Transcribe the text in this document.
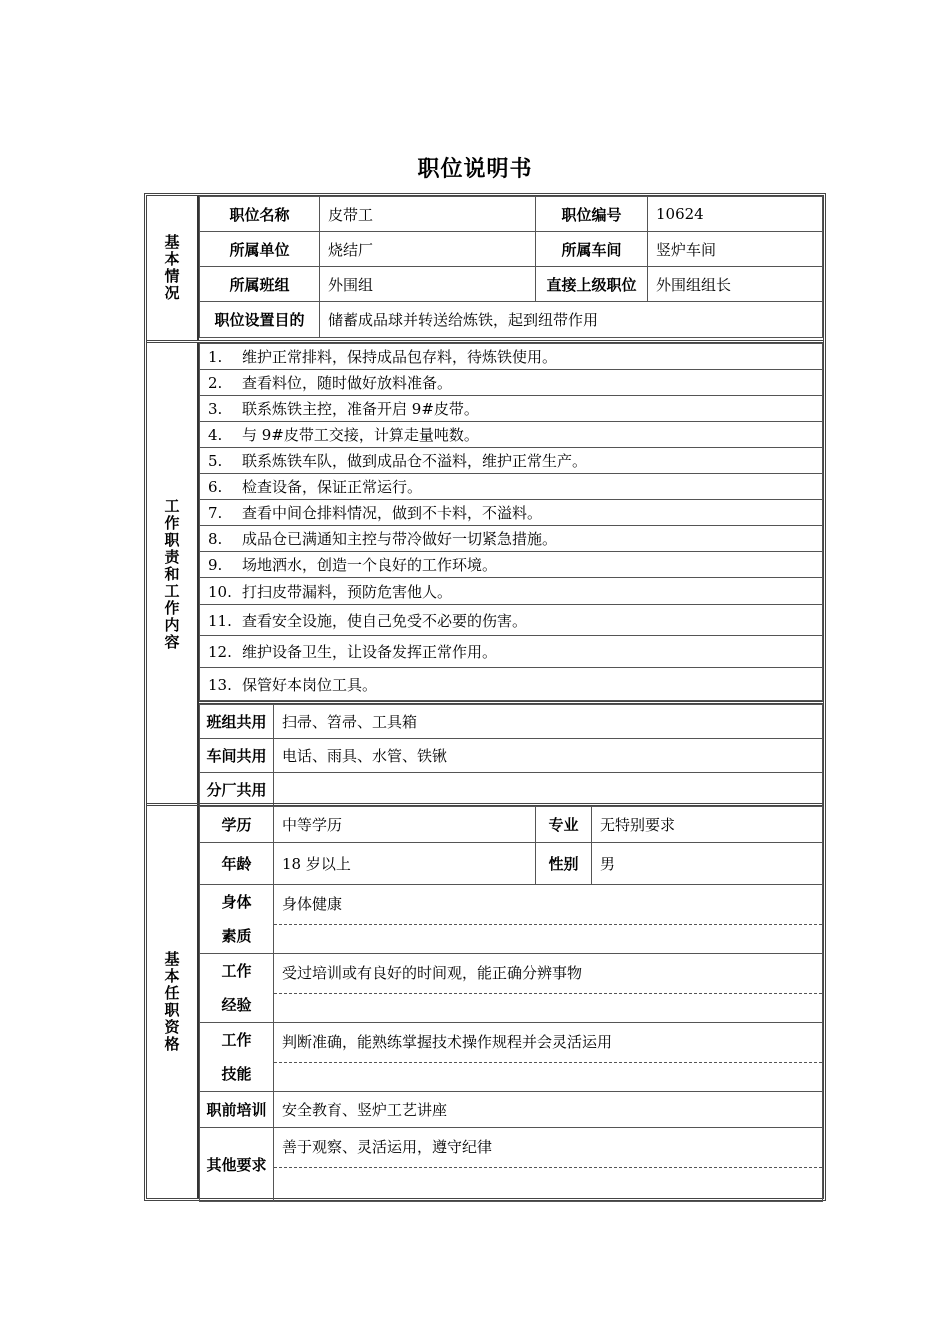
职位说明书
基本情况
职位名称	皮带工	职位编号	10624
所属单位	烧结厂	所属车间	竖炉车间
所属班组	外围组	直接上级职位	外围组组长
职位设置目的	储蓄成品球并转送给炼铁，起到纽带作用		
工作职责和工作内容
1. 维护正常排料，保持成品包存料，待炼铁使用。
2. 查看料位，随时做好放料准备。
3. 联系炼铁主控，准备开启 9#皮带。
4. 与 9#皮带工交接，计算走量吨数。
5. 联系炼铁车队，做到成品仓不溢料，维护正常生产。
6. 检查设备，保证正常运行。
7. 查看中间仓排料情况，做到不卡料，不溢料。
8. 成品仓已满通知主控与带冷做好一切紧急措施。
9. 场地洒水，创造一个良好的工作环境。
10. 打扫皮带漏料，预防危害他人。
11. 查看安全设施，使自己免受不必要的伤害。
12. 维护设备卫生，让设备发挥正常作用。
13. 保管好本岗位工具。
班组共用	扫帚、笤帚、工具箱
车间共用	电话、雨具、水管、铁锹
分厂共用	
基本任职资格
学历	中等学历	专业	无特别要求
年龄	18 岁以上	性别	男
身体
素质	身体健康		

工作
经验	受过培训或有良好的时间观，能正确分辨事物		

工作
技能	判断准确，能熟练掌握技术操作规程并会灵活运用		

职前培训	安全教育、竖炉工艺讲座		
其他要求	善于观察、灵活运用，遵守纪律		
